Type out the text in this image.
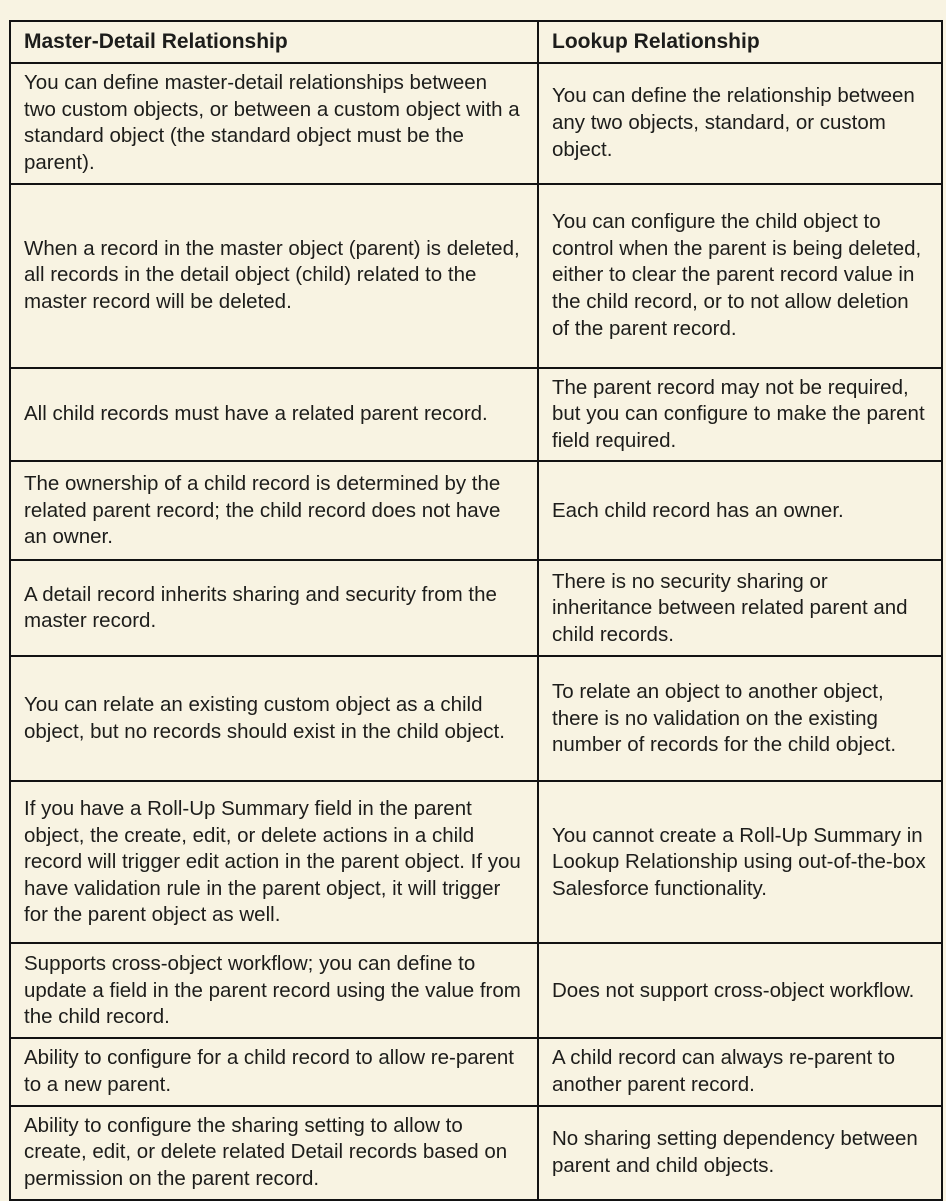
Master-Detail Relationship	Lookup Relationship
You can define master-detail relationships between two custom objects, or between a custom object with a standard object (the standard object must be the parent).	You can define the relationship between any two objects, standard, or custom object.
When a record in the master object (parent) is deleted, all records in the detail object (child) related to the master record will be deleted.	You can configure the child object to control when the parent is being deleted, either to clear the parent record value in the child record, or to not allow deletion of the parent record.
All child records must have a related parent record.	The parent record may not be required, but you can configure to make the parent field required.
The ownership of a child record is determined by the related parent record; the child record does not have an owner.	Each child record has an owner.
A detail record inherits sharing and security from the master record.	There is no security sharing or inheritance between related parent and child records.
You can relate an existing custom object as a child object, but no records should exist in the child object.	To relate an object to another object, there is no validation on the existing number of records for the child object.
If you have a Roll-Up Summary field in the parent object, the create, edit, or delete actions in a child record will trigger edit action in the parent object. If you have validation rule in the parent object, it will trigger for the parent object as well.	You cannot create a Roll-Up Summary in Lookup Relationship using out-of-the-box Salesforce functionality.
Supports cross-object workflow; you can define to update a field in the parent record using the value from the child record.	Does not support cross-object workflow.
Ability to configure for a child record to allow re-parent to a new parent.	A child record can always re-parent to another parent record.
Ability to configure the sharing setting to allow to create, edit, or delete related Detail records based on permission on the parent record.	No sharing setting dependency between parent and child objects.
